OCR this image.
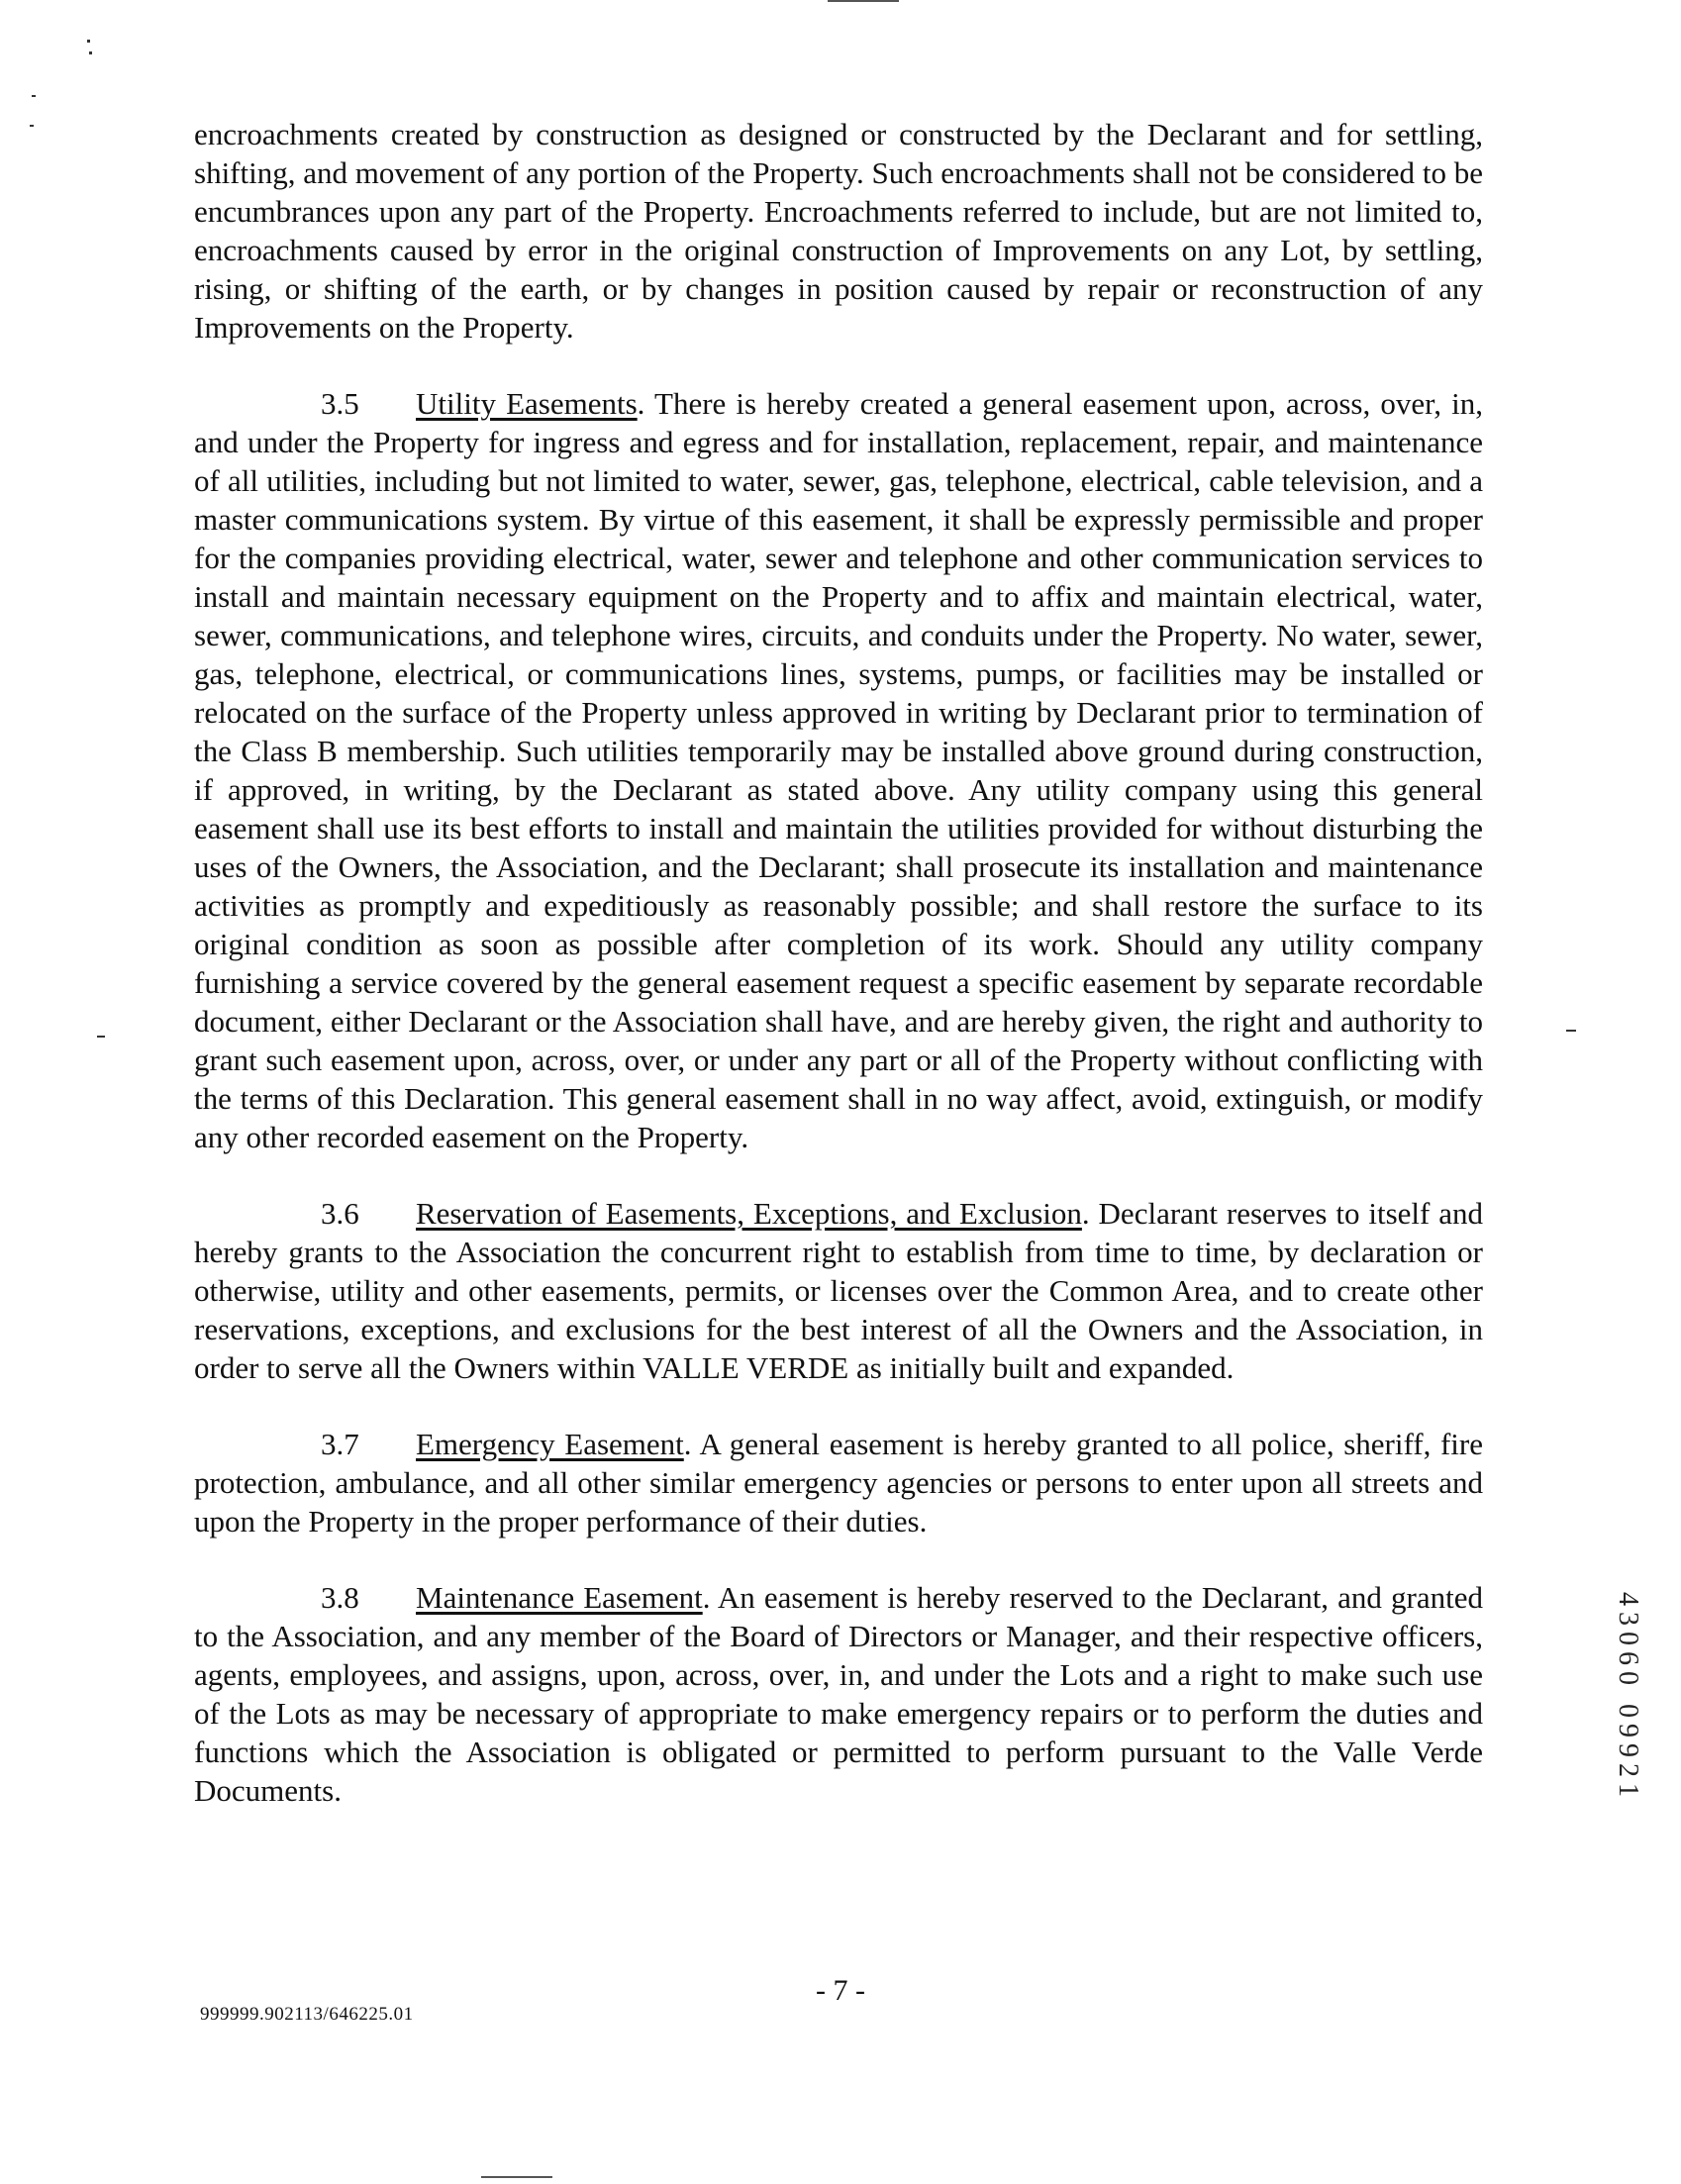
encroachments created by construction as designed or constructed by the Declarant and for settling, shifting, and movement of any portion of the Property. Such encroachments shall not be considered to be encumbrances upon any part of the Property. Encroachments referred to include, but are not limited to, encroachments caused by error in the original construction of Improvements on any Lot, by settling, rising, or shifting of the earth, or by changes in position caused by repair or reconstruction of any Improvements on the Property.

3.5 Utility Easements. There is hereby created a general easement upon, across, over, in, and under the Property for ingress and egress and for installation, replacement, repair, and maintenance of all utilities, including but not limited to water, sewer, gas, telephone, electrical, cable television, and a master communications system. By virtue of this easement, it shall be expressly permissible and proper for the companies providing electrical, water, sewer and telephone and other communication services to install and maintain necessary equipment on the Property and to affix and maintain electrical, water, sewer, communications, and telephone wires, circuits, and conduits under the Property. No water, sewer, gas, telephone, electrical, or communications lines, systems, pumps, or facilities may be installed or relocated on the surface of the Property unless approved in writing by Declarant prior to termination of the Class B membership. Such utilities temporarily may be installed above ground during construction, if approved, in writing, by the Declarant as stated above. Any utility company using this general easement shall use its best efforts to install and maintain the utilities provided for without disturbing the uses of the Owners, the Association, and the Declarant; shall prosecute its installation and maintenance activities as promptly and expeditiously as reasonably possible; and shall restore the surface to its original condition as soon as possible after completion of its work. Should any utility company furnishing a service covered by the general easement request a specific easement by separate recordable document, either Declarant or the Association shall have, and are hereby given, the right and authority to grant such easement upon, across, over, or under any part or all of the Property without conflicting with the terms of this Declaration. This general easement shall in no way affect, avoid, extinguish, or modify any other recorded easement on the Property.

3.6 Reservation of Easements, Exceptions, and Exclusion. Declarant reserves to itself and hereby grants to the Association the concurrent right to establish from time to time, by declaration or otherwise, utility and other easements, permits, or licenses over the Common Area, and to create other reservations, exceptions, and exclusions for the best interest of all the Owners and the Association, in order to serve all the Owners within VALLE VERDE as initially built and expanded.

3.7 Emergency Easement. A general easement is hereby granted to all police, sheriff, fire protection, ambulance, and all other similar emergency agencies or persons to enter upon all streets and upon the Property in the proper performance of their duties.

3.8 Maintenance Easement. An easement is hereby reserved to the Declarant, and granted to the Association, and any member of the Board of Directors or Manager, and their respective officers, agents, employees, and assigns, upon, across, over, in, and under the Lots and a right to make such use of the Lots as may be necessary of appropriate to make emergency repairs or to perform the duties and functions which the Association is obligated or permitted to perform pursuant to the Valle Verde Documents.

- 7 -
999999.902113/646225.01
43060 09921
